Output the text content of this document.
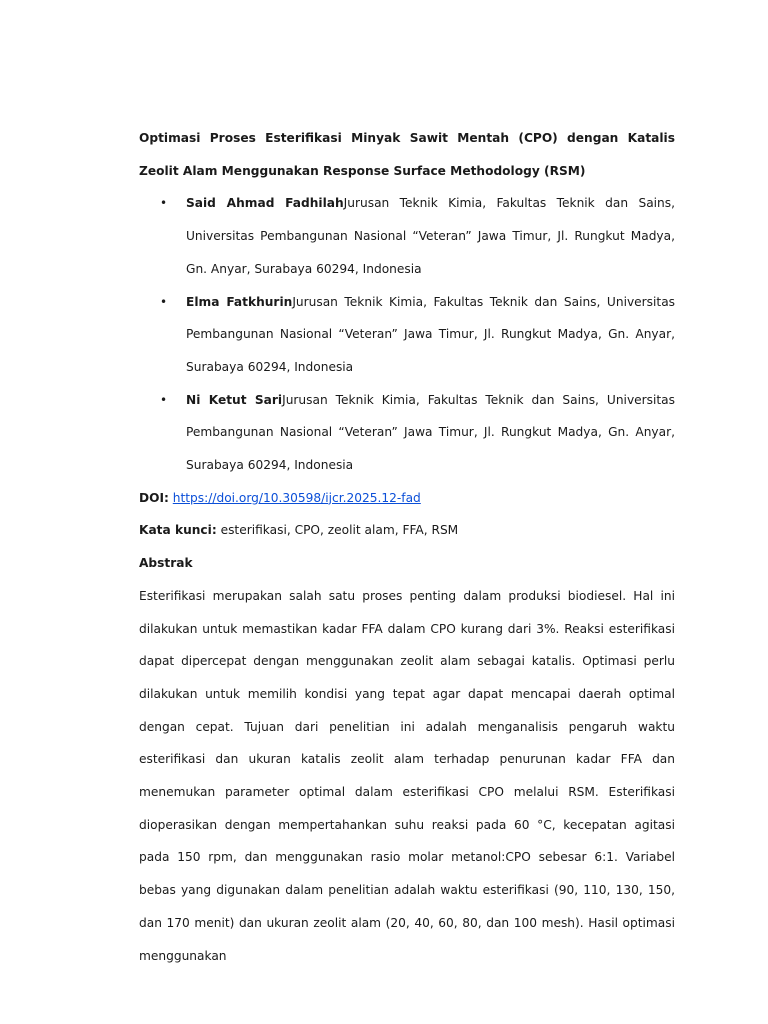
Optimasi Proses Esterifikasi Minyak Sawit Mentah (CPO) dengan Katalis Zeolit Alam Menggunakan Response Surface Methodology (RSM)

• Said Ahmad FadhilahJurusan Teknik Kimia, Fakultas Teknik dan Sains, Universitas Pembangunan Nasional “Veteran” Jawa Timur, Jl. Rungkut Madya, Gn. Anyar, Surabaya 60294, Indonesia
• Elma FatkhurinJurusan Teknik Kimia, Fakultas Teknik dan Sains, Universitas Pembangunan Nasional “Veteran” Jawa Timur, Jl. Rungkut Madya, Gn. Anyar, Surabaya 60294, Indonesia
• Ni Ketut SariJurusan Teknik Kimia, Fakultas Teknik dan Sains, Universitas Pembangunan Nasional “Veteran” Jawa Timur, Jl. Rungkut Madya, Gn. Anyar, Surabaya 60294, Indonesia

DOI: https://doi.org/10.30598/ijcr.2025.12-fad

Kata kunci: esterifikasi, CPO, zeolit alam, FFA, RSM

Abstrak

Esterifikasi merupakan salah satu proses penting dalam produksi biodiesel. Hal ini dilakukan untuk memastikan kadar FFA dalam CPO kurang dari 3%. Reaksi esterifikasi dapat dipercepat dengan menggunakan zeolit alam sebagai katalis. Optimasi perlu dilakukan untuk memilih kondisi yang tepat agar dapat mencapai daerah optimal dengan cepat. Tujuan dari penelitian ini adalah menganalisis pengaruh waktu esterifikasi dan ukuran katalis zeolit alam terhadap penurunan kadar FFA dan menemukan parameter optimal dalam esterifikasi CPO melalui RSM. Esterifikasi dioperasikan dengan mempertahankan suhu reaksi pada 60 °C, kecepatan agitasi pada 150 rpm, dan menggunakan rasio molar metanol:CPO sebesar 6:1. Variabel bebas yang digunakan dalam penelitian adalah waktu esterifikasi (90, 110, 130, 150, dan 170 menit) dan ukuran zeolit alam (20, 40, 60, 80, dan 100 mesh). Hasil optimasi menggunakan
